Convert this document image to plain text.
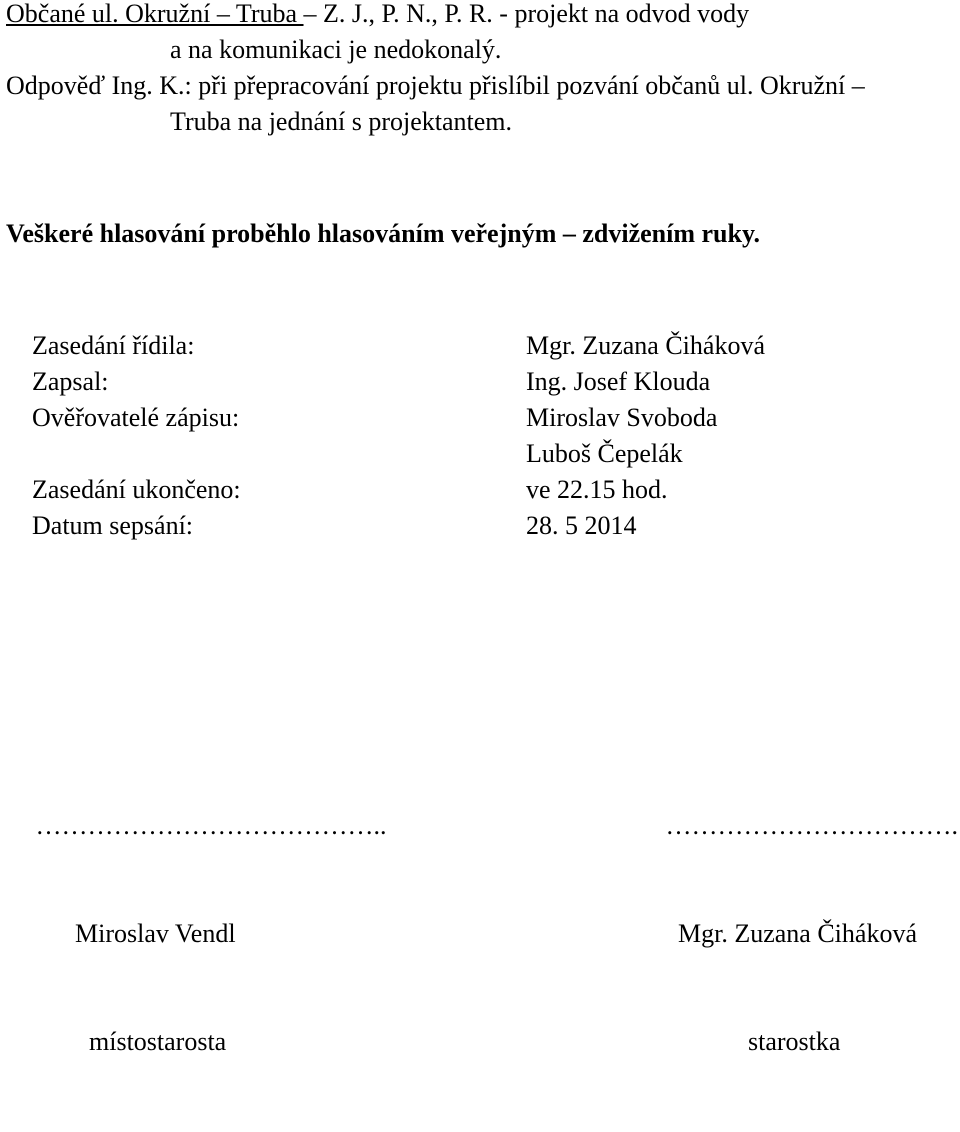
Občané ul. Okružní – Truba – Z. J., P. N., P. R. - projekt na odvod vody
a na komunikaci je nedokonalý.
Odpověď Ing. K.: při přepracování projektu přislíbil pozvání občanů ul. Okružní –
Truba na jednání s projektantem.
Veškeré hlasování proběhlo hlasováním veřejným – zdvižením ruky.

Zasedání řídila:	Mgr. Zuzana Čiháková

Zapsal:	Ing. Josef Klouda

Ověřovatelé zápisu:	Miroslav Svoboda

Luboš Čepelák

Zasedání ukončeno:	ve 22.15 hod.

Datum sepsání:	28. 5 2014

…………………………………..

Miroslav Vendl

místostarosta

…………………………….

Mgr. Zuzana Čiháková

starostka
